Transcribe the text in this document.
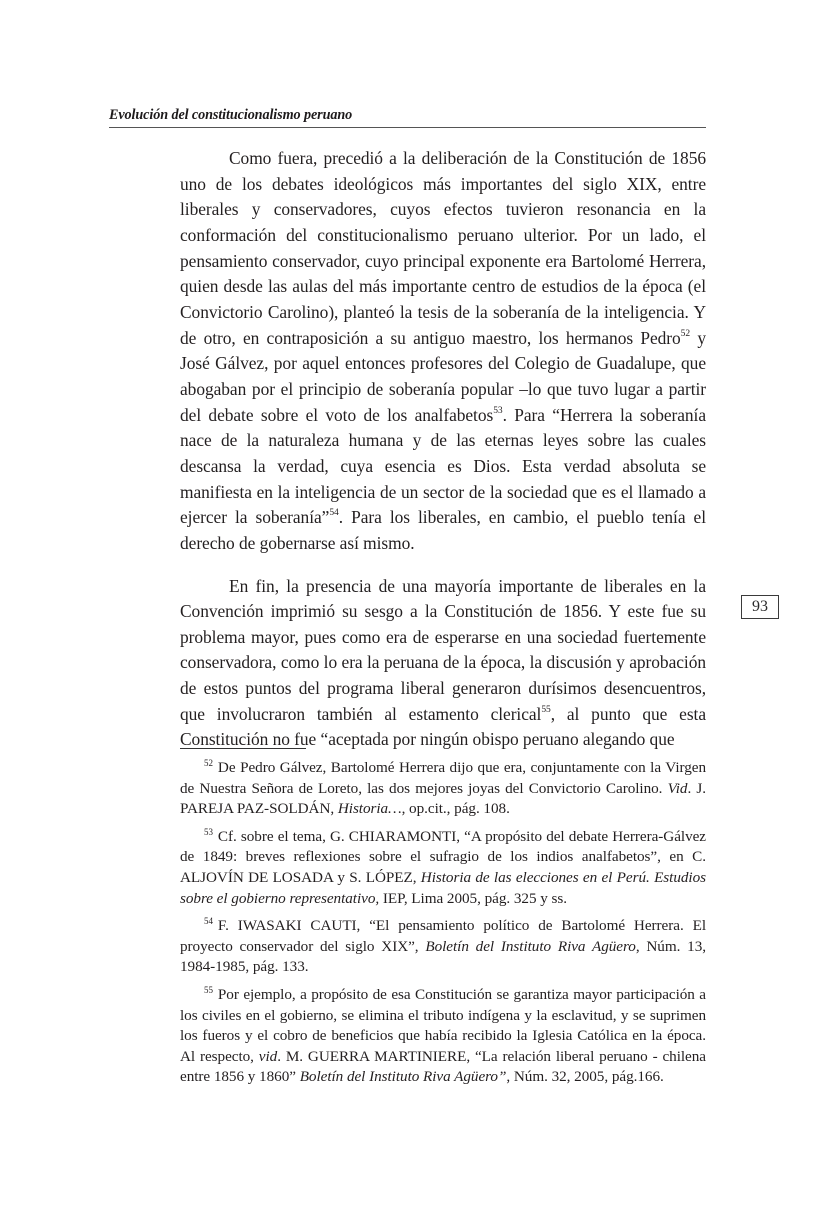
Evolución del constitucionalismo peruano

Como fuera, precedió a la deliberación de la Constitución de 1856 uno de los debates ideológicos más importantes del siglo XIX, entre liberales y conservadores, cuyos efectos tuvieron resonancia en la conformación del constitucionalismo peruano ulterior. Por un lado, el pensamiento conservador, cuyo principal exponente era Bartolomé Herrera, quien desde las aulas del más importante centro de estudios de la época (el Convictorio Carolino), planteó la tesis de la soberanía de la inteligencia. Y de otro, en contraposición a su antiguo maestro, los hermanos Pedro$^{52}$ y José Gálvez, por aquel entonces profesores del Colegio de Guadalupe, que abogaban por el principio de soberanía popular –lo que tuvo lugar a partir del debate sobre el voto de los analfabetos$^{53}$. Para “Herrera la soberanía nace de la naturaleza humana y de las eternas leyes sobre las cuales descansa la verdad, cuya esencia es Dios. Esta verdad absoluta se manifiesta en la inteligencia de un sector de la sociedad que es el llamado a ejercer la soberanía”$^{54}$. Para los liberales, en cambio, el pueblo tenía el derecho de gobernarse así mismo.

En fin, la presencia de una mayoría importante de liberales en la Convención imprimió su sesgo a la Constitución de 1856. Y este fue su problema mayor, pues como era de esperarse en una sociedad fuertemente conservadora, como lo era la peruana de la época, la discusión y aprobación de estos puntos del programa liberal generaron durísimos desencuentros, que involucraron también al estamento clerical$^{55}$, al punto que esta Constitución no fue “aceptada por ningún obispo peruano alegando que

93

$^{52}$ De Pedro Gálvez, Bartolomé Herrera dijo que era, conjuntamente con la Virgen de Nuestra Señora de Loreto, las dos mejores joyas del Convictorio Carolino. Vid. J. PAREJA PAZ-SOLDÁN, Historia…, op.cit., pág. 108.

$^{53}$ Cf. sobre el tema, G. CHIARAMONTI, “A propósito del debate Herrera-Gálvez de 1849: breves reflexiones sobre el sufragio de los indios analfabetos”, en C. ALJOVÍN DE LOSADA y S. LÓPEZ, Historia de las elecciones en el Perú. Estudios sobre el gobierno representativo, IEP, Lima 2005, pág. 325 y ss.

$^{54}$ F. IWASAKI CAUTI, “El pensamiento político de Bartolomé Herrera. El proyecto conservador del siglo XIX”, Boletín del Instituto Riva Agüero, Núm. 13, 1984-1985, pág. 133.

$^{55}$ Por ejemplo, a propósito de esa Constitución se garantiza mayor participación a los civiles en el gobierno, se elimina el tributo indígena y la esclavitud, y se suprimen los fueros y el cobro de beneficios que había recibido la Iglesia Católica en la época. Al respecto, vid. M. GUERRA MARTINIERE, “La relación liberal peruano - chilena entre 1856 y 1860” Boletín del Instituto Riva Agüero”, Núm. 32, 2005, pág.166.
